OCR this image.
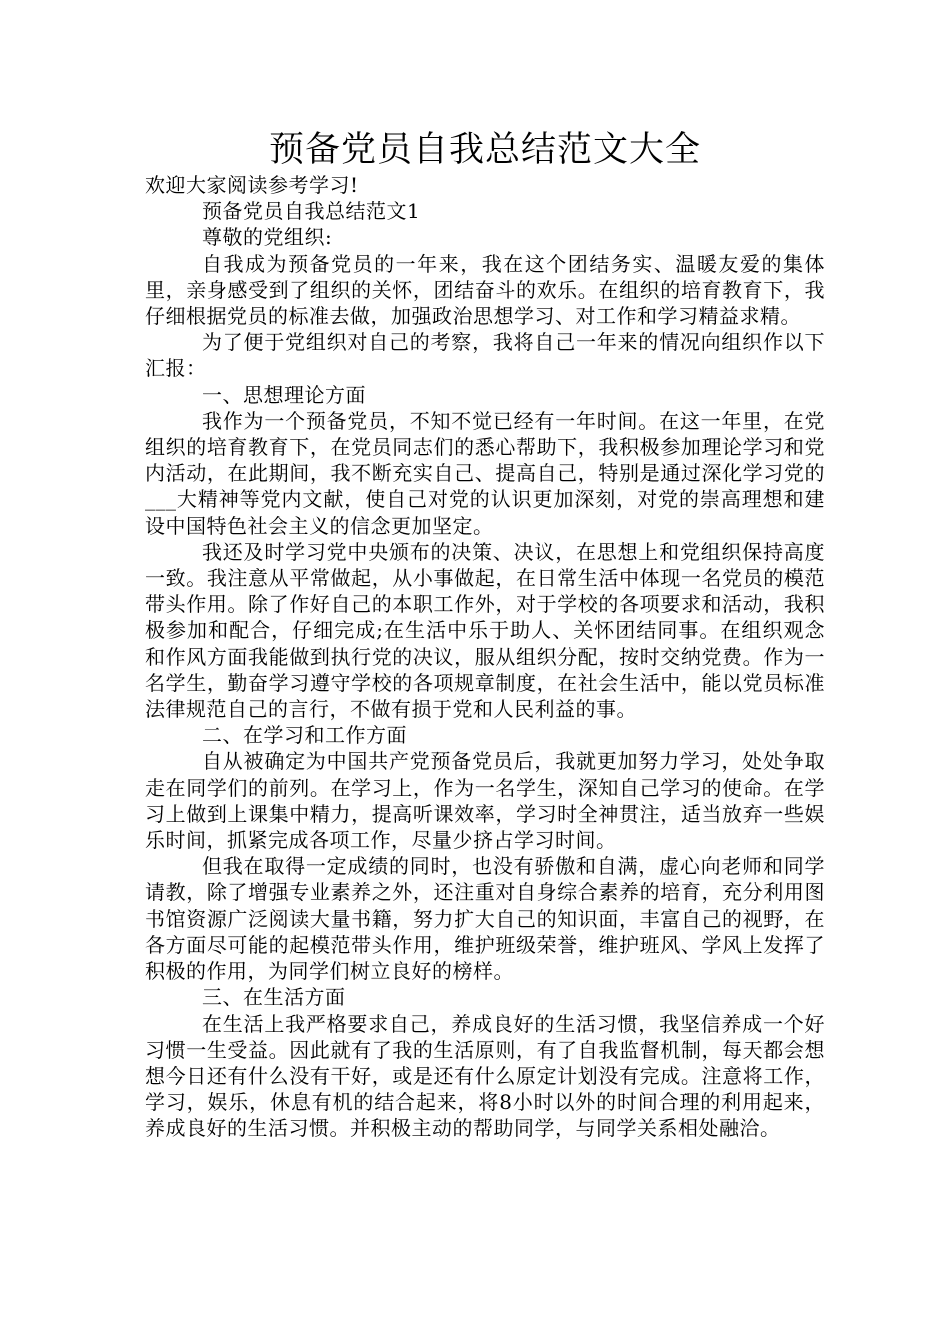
预备党员自我总结范文大全

欢迎大家阅读参考学习!

预备党员自我总结范文1

尊敬的党组织:

自我成为预备党员的一年来，我在这个团结务实、温暖友爱的集体里，亲身感受到了组织的关怀，团结奋斗的欢乐。在组织的培育教育下，我仔细根据党员的标准去做，加强政治思想学习、对工作和学习精益求精。

为了便于党组织对自己的考察，我将自己一年来的情况向组织作以下汇报：

一、思想理论方面

我作为一个预备党员，不知不觉已经有一年时间。在这一年里，在党组织的培育教育下，在党员同志们的悉心帮助下，我积极参加理论学习和党内活动，在此期间，我不断充实自己、提高自己，特别是通过深化学习党的___大精神等党内文献，使自己对党的认识更加深刻，对党的崇高理想和建设中国特色社会主义的信念更加坚定。

我还及时学习党中央颁布的决策、决议，在思想上和党组织保持高度一致。我注意从平常做起，从小事做起，在日常生活中体现一名党员的模范带头作用。除了作好自己的本职工作外，对于学校的各项要求和活动，我积极参加和配合，仔细完成;在生活中乐于助人、关怀团结同事。在组织观念和作风方面我能做到执行党的决议，服从组织分配，按时交纳党费。作为一名学生，勤奋学习遵守学校的各项规章制度，在社会生活中，能以党员标准法律规范自己的言行，不做有损于党和人民利益的事。

二、在学习和工作方面

自从被确定为中国共产党预备党员后，我就更加努力学习，处处争取走在同学们的前列。在学习上，作为一名学生，深知自己学习的使命。在学习上做到上课集中精力，提高听课效率，学习时全神贯注，适当放弃一些娱乐时间，抓紧完成各项工作，尽量少挤占学习时间。

但我在取得一定成绩的同时，也没有骄傲和自满，虚心向老师和同学请教，除了增强专业素养之外，还注重对自身综合素养的培育，充分利用图书馆资源广泛阅读大量书籍，努力扩大自己的知识面，丰富自己的视野，在各方面尽可能的起模范带头作用，维护班级荣誉，维护班风、学风上发挥了积极的作用，为同学们树立良好的榜样。

三、在生活方面

在生活上我严格要求自己，养成良好的生活习惯，我坚信养成一个好习惯一生受益。因此就有了我的生活原则，有了自我监督机制，每天都会想想今日还有什么没有干好，或是还有什么原定计划没有完成。注意将工作，学习，娱乐，休息有机的结合起来，将8小时以外的时间合理的利用起来，养成良好的生活习惯。并积极主动的帮助同学，与同学关系相处融洽。
